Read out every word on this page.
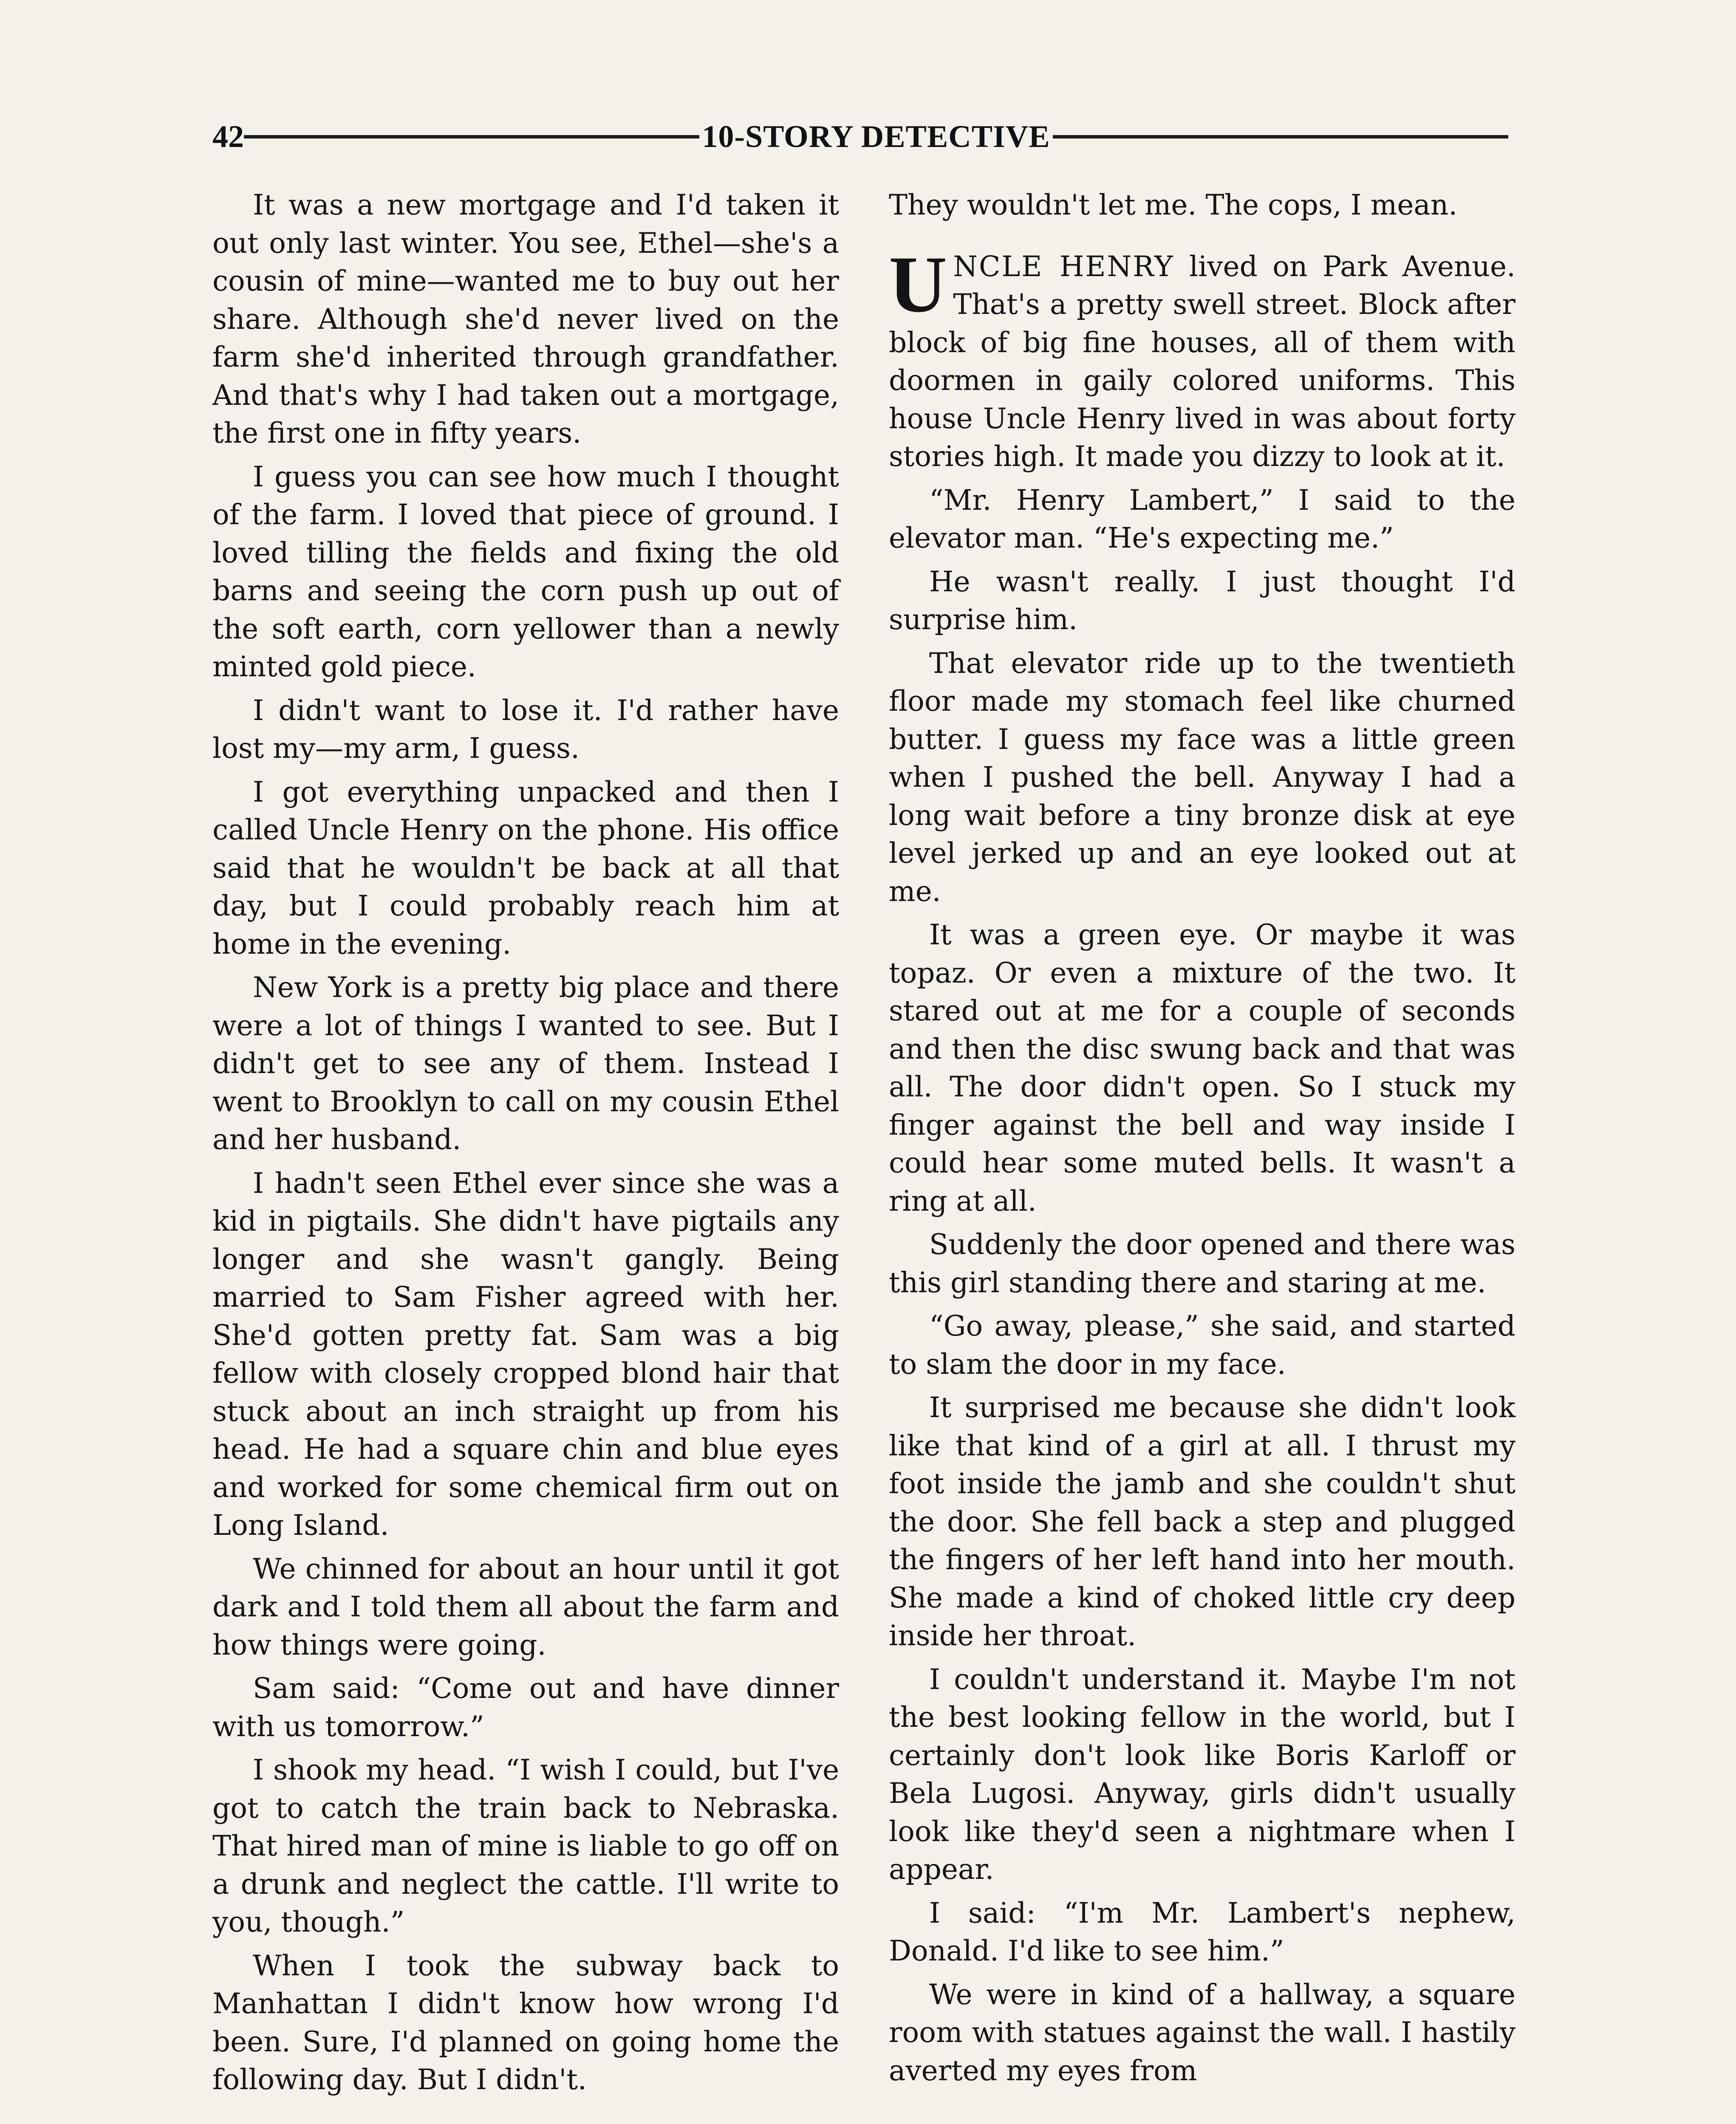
42	10-STORY DETECTIVE

It was a new mortgage and I'd taken it out only last winter. You see, Ethel—she's a cousin of mine—wanted me to buy out her share. Although she'd never lived on the farm she'd inherited through grandfather. And that's why I had taken out a mortgage, the first one in fifty years.

I guess you can see how much I thought of the farm. I loved that piece of ground. I loved tilling the fields and fixing the old barns and seeing the corn push up out of the soft earth, corn yellower than a newly minted gold piece.

I didn't want to lose it. I'd rather have lost my—my arm, I guess.

I got everything unpacked and then I called Uncle Henry on the phone. His office said that he wouldn't be back at all that day, but I could probably reach him at home in the evening.

New York is a pretty big place and there were a lot of things I wanted to see. But I didn't get to see any of them. Instead I went to Brooklyn to call on my cousin Ethel and her husband.

I hadn't seen Ethel ever since she was a kid in pigtails. She didn't have pigtails any longer and she wasn't gangly. Being married to Sam Fisher agreed with her. She'd gotten pretty fat. Sam was a big fellow with closely cropped blond hair that stuck about an inch straight up from his head. He had a square chin and blue eyes and worked for some chemical firm out on Long Island.

We chinned for about an hour until it got dark and I told them all about the farm and how things were going.

Sam said: “Come out and have dinner with us tomorrow.”

I shook my head. “I wish I could, but I've got to catch the train back to Nebraska. That hired man of mine is liable to go off on a drunk and neglect the cattle. I'll write to you, though.”

When I took the subway back to Manhattan I didn't know how wrong I'd been. Sure, I'd planned on going home the following day. But I didn't.

They wouldn't let me. The cops, I mean.

UNCLE HENRY lived on Park Avenue. That's a pretty swell street. Block after block of big fine houses, all of them with doormen in gaily colored uniforms. This house Uncle Henry lived in was about forty stories high. It made you dizzy to look at it.

“Mr. Henry Lambert,” I said to the elevator man. “He's expecting me.”

He wasn't really. I just thought I'd surprise him.

That elevator ride up to the twentieth floor made my stomach feel like churned butter. I guess my face was a little green when I pushed the bell. Anyway I had a long wait before a tiny bronze disk at eye level jerked up and an eye looked out at me.

It was a green eye. Or maybe it was topaz. Or even a mixture of the two. It stared out at me for a couple of seconds and then the disc swung back and that was all. The door didn't open. So I stuck my finger against the bell and way inside I could hear some muted bells. It wasn't a ring at all.

Suddenly the door opened and there was this girl standing there and staring at me.

“Go away, please,” she said, and started to slam the door in my face.

It surprised me because she didn't look like that kind of a girl at all. I thrust my foot inside the jamb and she couldn't shut the door. She fell back a step and plugged the fingers of her left hand into her mouth. She made a kind of choked little cry deep inside her throat.

I couldn't understand it. Maybe I'm not the best looking fellow in the world, but I certainly don't look like Boris Karloff or Bela Lugosi. Anyway, girls didn't usually look like they'd seen a nightmare when I appear.

I said: “I'm Mr. Lambert's nephew, Donald. I'd like to see him.”

We were in kind of a hallway, a square room with statues against the wall. I hastily averted my eyes from
